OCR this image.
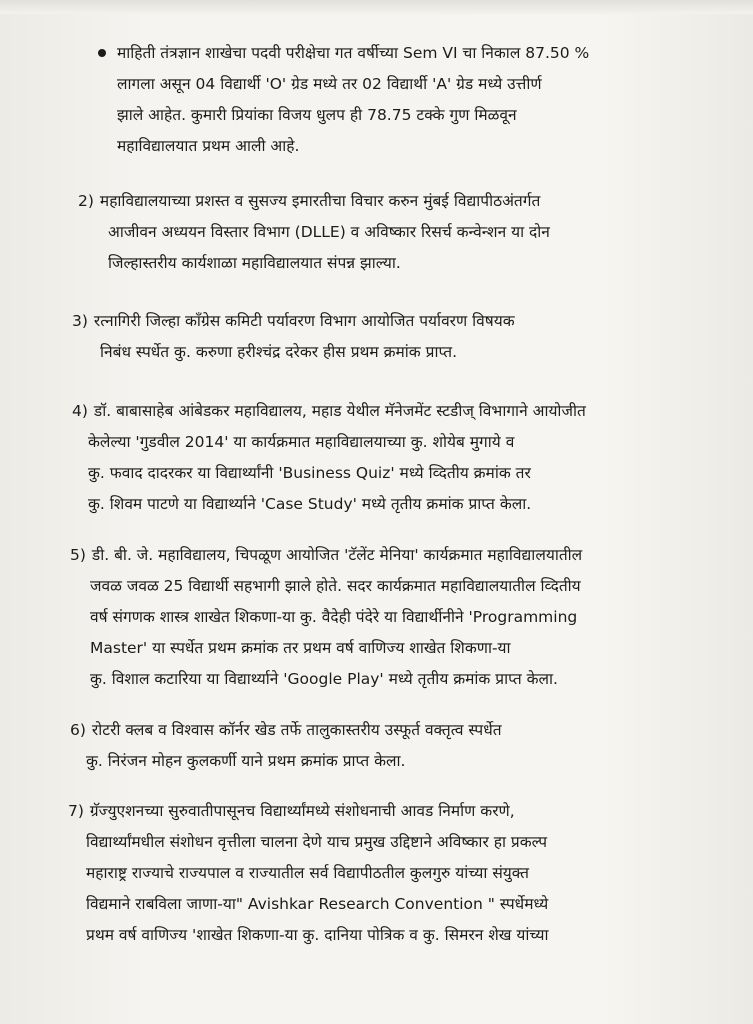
माहिती तंत्रज्ञान शाखेचा पदवी परीक्षेचा गत वर्षीच्या Sem VI चा निकाल 87.50 %
लागला असून 04 विद्यार्थी 'O' ग्रेड मध्ये तर 02 विद्यार्थी 'A' ग्रेड मध्ये उत्तीर्ण
झाले आहेत. कुमारी प्रियांका विजय धुलप ही 78.75 टक्के गुण मिळवून
महाविद्यालयात प्रथम आली आहे.
2) महाविद्यालयाच्या प्रशस्त व सुसज्य इमारतीचा विचार करुन मुंबई विद्यापीठअंतर्गत
आजीवन अध्ययन विस्तार विभाग (DLLE) व अविष्कार रिसर्च कन्वेन्शन या दोन
जिल्हास्तरीय कार्यशाळा महाविद्यालयात संपन्न झाल्या.
3) रत्नागिरी जिल्हा कॉंग्रेस कमिटी पर्यावरण विभाग आयोजित पर्यावरण विषयक
निबंध स्पर्धेत कु. करुणा हरीश्चंद्र दरेकर हीस प्रथम क्रमांक प्राप्त.
4) डॉ. बाबासाहेब आंबेडकर महाविद्यालय, महाड येथील मॅनेजमेंट स्टडीज् विभागाने आयोजीत
केलेल्या 'गुडवील 2014' या कार्यक्रमात महाविद्यालयाच्या कु. शोयेब मुगाये व
कु. फवाद दादरकर या विद्यार्थ्यांनी 'Business Quiz' मध्ये व्दितीय क्रमांक तर
कु. शिवम पाटणे या विद्यार्थ्याने 'Case Study' मध्ये तृतीय क्रमांक प्राप्त केला.
5) डी. बी. जे. महाविद्यालय, चिपळूण आयोजित 'टॅलेंट मेनिया' कार्यक्रमात महाविद्यालयातील
जवळ जवळ 25 विद्यार्थी सहभागी झाले होते. सदर कार्यक्रमात महाविद्यालयातील व्दितीय
वर्ष संगणक शास्त्र शाखेत शिकणा-या कु. वैदेही पंदेरे या विद्यार्थीनीने 'Programming
Master' या स्पर्धेत प्रथम क्रमांक तर प्रथम वर्ष वाणिज्य शाखेत शिकणा-या
कु. विशाल कटारिया या विद्यार्थ्याने 'Google Play' मध्ये तृतीय क्रमांक प्राप्त केला.
6) रोटरी क्लब व विश्वास कॉर्नर खेड तर्फे तालुकास्तरीय उस्फूर्त वक्तृत्व स्पर्धेत
कु. निरंजन मोहन कुलकर्णी याने प्रथम क्रमांक प्राप्त केला.
7) ग्रॅज्युएशनच्या सुरुवातीपासूनच विद्यार्थ्यांमध्ये संशोधनाची आवड निर्माण करणे,
विद्यार्थ्यांमधील संशोधन वृत्तीला चालना देणे याच प्रमुख उद्दिष्टाने अविष्कार हा प्रकल्प
महाराष्ट्र राज्याचे राज्यपाल व राज्यातील सर्व विद्यापीठतील कुलगुरु यांच्या संयुक्त
विद्यमाने राबविला जाणा-या" Avishkar Research Convention " स्पर्धेमध्ये
प्रथम वर्ष वाणिज्य 'शाखेत शिकणा-या कु. दानिया पोत्रिक व कु. सिमरन शेख यांच्या
